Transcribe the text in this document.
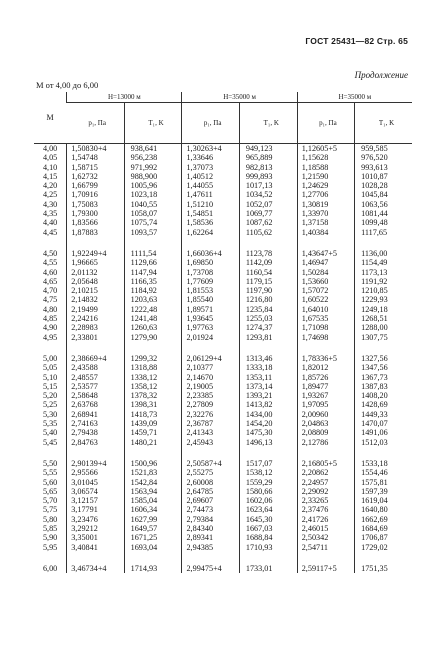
ГОСТ 25431—82 Стр. 65
Продолжение
М от 4,00 до 6,00
М	H=13000 м		H=35000 м		H=35000 м	
	p₁, Па	T₁, K	p₁, Па	T₁, K	p₁, Па	T₁, K
4,00	1,50830+4	938,641	1,30263+4	949,123	1,12605+5	959,585
4,05	1,54748	956,238	1,33646	965,889	1,15628	976,520
4,10	1,58715	971,992	1,37073	982,813	1,18588	993,613
4,15	1,62732	988,900	1,40512	999,893	1,21590	1010,87
4,20	1,66799	1005,96	1,44055	1017,13	1,24629	1028,28
4,25	1,70916	1023,18	1,47611	1034,52	1,27706	1045,84
4,30	1,75083	1040,55	1,51210	1052,07	1,30819	1063,56
4,35	1,79300	1058,07	1,54851	1069,77	1,33970	1081,44
4,40	1,83566	1075,74	1,58536	1087,62	1,37158	1099,48
4,45	1,87883	1093,57	1,62264	1105,62	1,40384	1117,65

4,50	1,92249+4	1111,54	1,66036+4	1123,78	1,43647+5	1136,00
4,55	1,96665	1129,66	1,69850	1142,09	1,46947	1154,49
4,60	2,01132	1147,94	1,73708	1160,54	1,50284	1173,13
4,65	2,05648	1166,35	1,77609	1179,15	1,53660	1191,92
4,70	2,10215	1184,92	1,81553	1197,90	1,57072	1210,85
4,75	2,14832	1203,63	1,85540	1216,80	1,60522	1229,93
4,80	2,19499	1222,48	1,89571	1235,84	1,64010	1249,18
4,85	2,24216	1241,48	1,93645	1255,03	1,67535	1268,51
4,90	2,28983	1260,63	1,97763	1274,37	1,71098	1288,00
4,95	2,33801	1279,90	2,01924	1293,81	1,74698	1307,75

5,00	2,38669+4	1299,32	2,06129+4	1313,46	1,78336+5	1327,56
5,05	2,43588	1318,88	2,10377	1333,18	1,82012	1347,56
5,10	2,48557	1338,12	2,14670	1353,11	1,85726	1367,73
5,15	2,53577	1358,12	2,19005	1373,14	1,89477	1387,83
5,20	2,58648	1378,32	2,23385	1393,21	1,93267	1408,20
5,25	2,63768	1398,31	2,27809	1413,82	1,97095	1428,69
5,30	2,68941	1418,73	2,32276	1434,00	2,00960	1449,33
5,35	2,74163	1439,09	2,36787	1454,20	2,04863	1470,07
5,40	2,79438	1459,71	2,41343	1475,30	2,08809	1491,06
5,45	2,84763	1480,21	2,45943	1496,13	2,12786	1512,03

5,50	2,90139+4	1500,96	2,50587+4	1517,07	2,16805+5	1533,18
5,55	2,95566	1521,83	2,55275	1538,12	2,20862	1554,46
5,60	3,01045	1542,84	2,60008	1559,29	2,24957	1575,81
5,65	3,06574	1563,94	2,64785	1580,66	2,29092	1597,39
5,70	3,12157	1585,04	2,69607	1602,06	2,33265	1619,04
5,75	3,17791	1606,34	2,74473	1623,64	2,37476	1640,80
5,80	3,23476	1627,99	2,79384	1645,30	2,41726	1662,69
5,85	3,29212	1649,57	2,84340	1667,03	2,46015	1684,69
5,90	3,35001	1671,25	2,89341	1688,84	2,50342	1706,87
5,95	3,40841	1693,04	2,94385	1710,93	2,54711	1729,02

6,00	3,46734+4	1714,93	2,99475+4	1733,01	2,59117+5	1751,35
